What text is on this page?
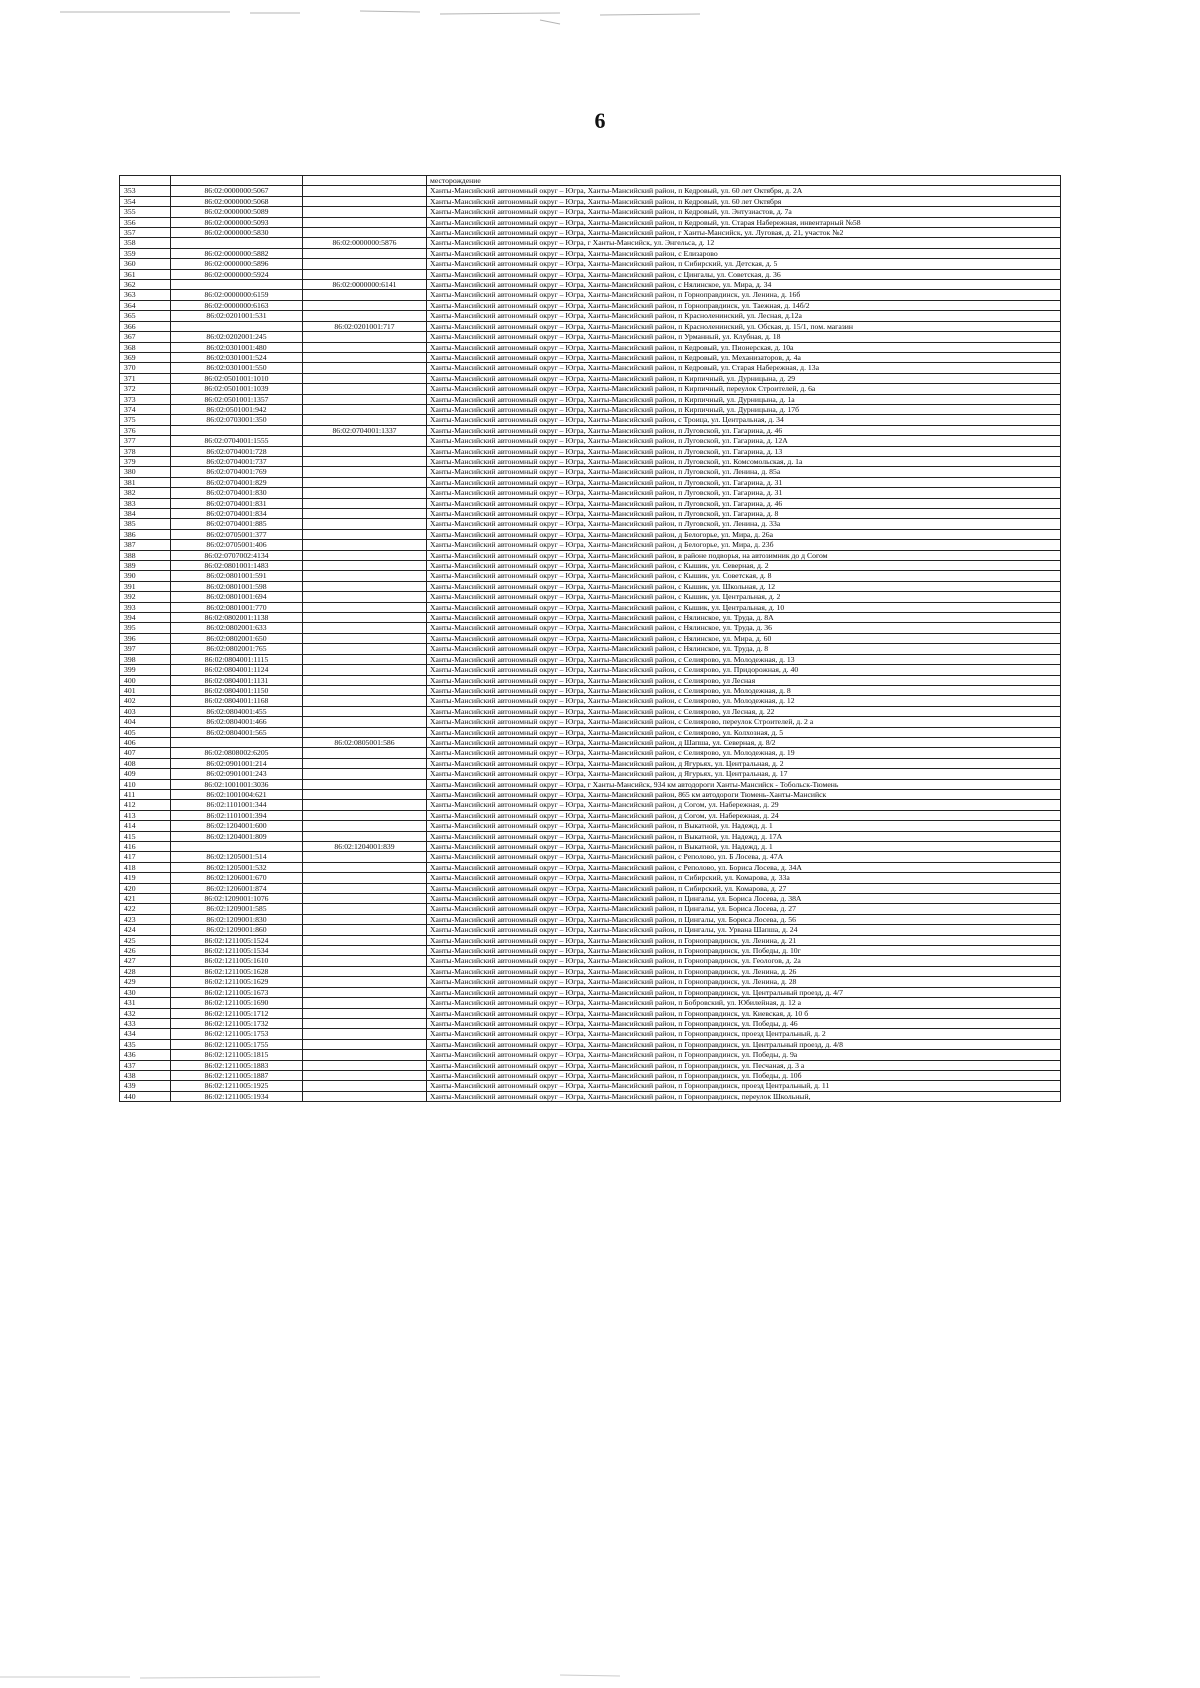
6
			месторождение
353	86:02:0000000:5067		Ханты-Мансийский автономный округ – Югра, Ханты-Мансийский район, п Кедровый, ул. 60 лет Октября, д. 2А
354	86:02:0000000:5068		Ханты-Мансийский автономный округ – Югра, Ханты-Мансийский район, п Кедровый, ул. 60 лет Октября
355	86:02:0000000:5089		Ханты-Мансийский автономный округ – Югра, Ханты-Мансийский район, п Кедровый, ул. Энтузиастов, д. 7а
356	86:02:0000000:5093		Ханты-Мансийский автономный округ – Югра, Ханты-Мансийский район, п Кедровый, ул. Старая Набережная, инвентарный №58
357	86:02:0000000:5830		Ханты-Мансийский автономный округ – Югра, Ханты-Мансийский район, г Ханты-Мансийск, ул. Луговая, д. 21, участок №2
358		86:02:0000000:5876	Ханты-Мансийский автономный округ – Югра, г Ханты-Мансийск, ул. Энгельса, д. 12
359	86:02:0000000:5882		Ханты-Мансийский автономный округ – Югра, Ханты-Мансийский район, с Елизарово
360	86:02:0000000:5896		Ханты-Мансийский автономный округ – Югра, Ханты-Мансийский район, п Сибирский, ул. Детская, д. 5
361	86:02:0000000:5924		Ханты-Мансийский автономный округ – Югра, Ханты-Мансийский район, с Цингалы, ул. Советская, д. 36
362		86:02:0000000:6141	Ханты-Мансийский автономный округ – Югра, Ханты-Мансийский район, с Нялинское, ул. Мира, д. 34
363	86:02:0000000:6159		Ханты-Мансийский автономный округ – Югра, Ханты-Мансийский район, п Горноправдинск, ул. Ленина, д. 16б
364	86:02:0000000:6163		Ханты-Мансийский автономный округ – Югра, Ханты-Мансийский район, п Горноправдинск, ул. Таежная, д. 14б/2
365	86:02:0201001:531		Ханты-Мансийский автономный округ – Югра, Ханты-Мансийский район, п Красноленинский, ул. Лесная, д.12а
366		86:02:0201001:717	Ханты-Мансийский автономный округ – Югра, Ханты-Мансийский район, п Красноленинский, ул. Обская, д. 15/1, пом. магазин
367	86:02:0202001:245		Ханты-Мансийский автономный округ – Югра, Ханты-Мансийский район, п Урманный, ул. Клубная, д. 18
368	86:02:0301001:480		Ханты-Мансийский автономный округ – Югра, Ханты-Мансийский район, п Кедровый, ул. Пионерская, д. 10а
369	86:02:0301001:524		Ханты-Мансийский автономный округ – Югра, Ханты-Мансийский район, п Кедровый, ул. Механизаторов, д. 4а
370	86:02:0301001:550		Ханты-Мансийский автономный округ – Югра, Ханты-Мансийский район, п Кедровый, ул. Старая Набережная, д. 13а
371	86:02:0501001:1010		Ханты-Мансийский автономный округ – Югра, Ханты-Мансийский район, п Кирпичный, ул. Дурницына, д. 29
372	86:02:0501001:1039		Ханты-Мансийский автономный округ – Югра, Ханты-Мансийский район, п Кирпичный, переулок Строителей, д. 6а
373	86:02:0501001:1357		Ханты-Мансийский автономный округ – Югра, Ханты-Мансийский район, п Кирпичный, ул. Дурницына, д. 1а
374	86:02:0501001:942		Ханты-Мансийский автономный округ – Югра, Ханты-Мансийский район, п Кирпичный, ул. Дурницына, д. 17б
375	86:02:0703001:350		Ханты-Мансийский автономный округ – Югра, Ханты-Мансийский район, с Троица, ул. Центральная, д. 34
376		86:02:0704001:1337	Ханты-Мансийский автономный округ – Югра, Ханты-Мансийский район, п Луговской, ул. Гагарина, д. 46
377	86:02:0704001:1555		Ханты-Мансийский автономный округ – Югра, Ханты-Мансийский район, п Луговской, ул. Гагарина, д. 12А
378	86:02:0704001:728		Ханты-Мансийский автономный округ – Югра, Ханты-Мансийский район, п Луговской, ул. Гагарина, д. 13
379	86:02:0704001:737		Ханты-Мансийский автономный округ – Югра, Ханты-Мансийский район, п Луговской, ул. Комсомольская, д. 1а
380	86:02:0704001:769		Ханты-Мансийский автономный округ – Югра, Ханты-Мансийский район, п Луговской, ул. Ленина, д. 85а
381	86:02:0704001:829		Ханты-Мансийский автономный округ – Югра, Ханты-Мансийский район, п Луговской, ул. Гагарина, д. 31
382	86:02:0704001:830		Ханты-Мансийский автономный округ – Югра, Ханты-Мансийский район, п Луговской, ул. Гагарина, д. 31
383	86:02:0704001:831		Ханты-Мансийский автономный округ – Югра, Ханты-Мансийский район, п Луговской, ул. Гагарина, д. 46
384	86:02:0704001:834		Ханты-Мансийский автономный округ – Югра, Ханты-Мансийский район, п Луговской, ул. Гагарина, д. 8
385	86:02:0704001:885		Ханты-Мансийский автономный округ – Югра, Ханты-Мансийский район, п Луговской, ул. Ленина, д. 33а
386	86:02:0705001:377		Ханты-Мансийский автономный округ – Югра, Ханты-Мансийский район, д Белогорье, ул. Мира, д. 26а
387	86:02:0705001:406		Ханты-Мансийский автономный округ – Югра, Ханты-Мансийский район, д Белогорье, ул. Мира, д. 23б
388	86:02:0707002:4134		Ханты-Мансийский автономный округ – Югра, Ханты-Мансийский район, в районе подворья, на автозимник до д Согом
389	86:02:0801001:1483		Ханты-Мансийский автономный округ – Югра, Ханты-Мансийский район, с Кышик, ул. Северная, д. 2
390	86:02:0801001:591		Ханты-Мансийский автономный округ – Югра, Ханты-Мансийский район, с Кышик, ул. Советская, д. 8
391	86:02:0801001:598		Ханты-Мансийский автономный округ – Югра, Ханты-Мансийский район, с Кышик, ул. Школьная, д. 12
392	86:02:0801001:694		Ханты-Мансийский автономный округ – Югра, Ханты-Мансийский район, с Кышик, ул. Центральная, д. 2
393	86:02:0801001:770		Ханты-Мансийский автономный округ – Югра, Ханты-Мансийский район, с Кышик, ул. Центральная, д. 10
394	86:02:0802001:1138		Ханты-Мансийский автономный округ – Югра, Ханты-Мансийский район, с Нялинское, ул. Труда, д. 8А
395	86:02:0802001:633		Ханты-Мансийский автономный округ – Югра, Ханты-Мансийский район, с Нялинское, ул. Труда, д. 36
396	86:02:0802001:650		Ханты-Мансийский автономный округ – Югра, Ханты-Мансийский район, с Нялинское, ул. Мира, д. 60
397	86:02:0802001:765		Ханты-Мансийский автономный округ – Югра, Ханты-Мансийский район, с Нялинское, ул. Труда, д. 8
398	86:02:0804001:1115		Ханты-Мансийский автономный округ – Югра, Ханты-Мансийский район, с Селиярово, ул. Молодежная, д. 13
399	86:02:0804001:1124		Ханты-Мансийский автономный округ – Югра, Ханты-Мансийский район, с Селиярово, ул. Придорожная, д. 40
400	86:02:0804001:1131		Ханты-Мансийский автономный округ – Югра, Ханты-Мансийский район, с Селиярово, ул Лесная
401	86:02:0804001:1150		Ханты-Мансийский автономный округ – Югра, Ханты-Мансийский район, с Селиярово, ул. Молодежная, д. 8
402	86:02:0804001:1168		Ханты-Мансийский автономный округ – Югра, Ханты-Мансийский район, с Селиярово, ул. Молодежная, д. 12
403	86:02:0804001:455		Ханты-Мансийский автономный округ – Югра, Ханты-Мансийский район, с Селиярово, ул Лесная, д. 22
404	86:02:0804001:466		Ханты-Мансийский автономный округ – Югра, Ханты-Мансийский район, с Селиярово, переулок Строителей, д. 2 а
405	86:02:0804001:565		Ханты-Мансийский автономный округ – Югра, Ханты-Мансийский район, с Селиярово, ул. Колхозная, д. 5
406		86:02:0805001:586	Ханты-Мансийский автономный округ – Югра, Ханты-Мансийский район, д Шапша, ул. Северная, д. 8/2
407	86:02:0808002:6205		Ханты-Мансийский автономный округ – Югра, Ханты-Мансийский район, с Селиярово, ул. Молодежная, д. 19
408	86:02:0901001:214		Ханты-Мансийский автономный округ – Югра, Ханты-Мансийский район, д Ягурьях, ул. Центральная, д. 2
409	86:02:0901001:243		Ханты-Мансийский автономный округ – Югра, Ханты-Мансийский район, д Ягурьях, ул. Центральная, д. 17
410	86:02:1001001:3036		Ханты-Мансийский автономный округ – Югра, г Ханты-Мансийск, 934 км автодороги Ханты-Мансийск - Тобольск-Тюмень
411	86:02:1001004:621		Ханты-Мансийский автономный округ – Югра, Ханты-Мансийский район, 865 км автодороги Тюмень-Ханты-Мансийск
412	86:02:1101001:344		Ханты-Мансийский автономный округ – Югра, Ханты-Мансийский район, д Согом, ул. Набережная, д. 29
413	86:02:1101001:394		Ханты-Мансийский автономный округ – Югра, Ханты-Мансийский район, д Согом, ул. Набережная, д. 24
414	86:02:1204001:600		Ханты-Мансийский автономный округ – Югра, Ханты-Мансийский район, п Выкатной, ул. Надежд, д. 1
415	86:02:1204001:809		Ханты-Мансийский автономный округ – Югра, Ханты-Мансийский район, п Выкатной, ул. Надежд, д. 17А
416		86:02:1204001:839	Ханты-Мансийский автономный округ – Югра, Ханты-Мансийский район, п Выкатной, ул. Надежд, д. 1
417	86:02:1205001:514		Ханты-Мансийский автономный округ – Югра, Ханты-Мансийский район, с Реполово, ул. Б Лосева, д. 47А
418	86:02:1205001:532		Ханты-Мансийский автономный округ – Югра, Ханты-Мансийский район, с Реполово, ул. Бориса Лосева, д. 34А
419	86:02:1206001:670		Ханты-Мансийский автономный округ – Югра, Ханты-Мансийский район, п Сибирский, ул. Комарова, д. 33а
420	86:02:1206001:874		Ханты-Мансийский автономный округ – Югра, Ханты-Мансийский район, п Сибирский, ул. Комарова, д. 27
421	86:02:1209001:1076		Ханты-Мансийский автономный округ – Югра, Ханты-Мансийский район, п Цингалы, ул. Бориса Лосева, д. 38А
422	86:02:1209001:585		Ханты-Мансийский автономный округ – Югра, Ханты-Мансийский район, п Цингалы, ул. Бориса Лосева, д. 27
423	86:02:1209001:830		Ханты-Мансийский автономный округ – Югра, Ханты-Мансийский район, п Цингалы, ул. Бориса Лосева, д. 56
424	86:02:1209001:860		Ханты-Мансийский автономный округ – Югра, Ханты-Мансийский район, п Цингалы, ул. Урвана Шапша, д. 24
425	86:02:1211005:1524		Ханты-Мансийский автономный округ – Югра, Ханты-Мансийский район, п Горноправдинск, ул. Ленина, д. 21
426	86:02:1211005:1534		Ханты-Мансийский автономный округ – Югра, Ханты-Мансийский район, п Горноправдинск, ул. Победы, д. 10г
427	86:02:1211005:1610		Ханты-Мансийский автономный округ – Югра, Ханты-Мансийский район, п Горноправдинск, ул. Геологов, д. 2а
428	86:02:1211005:1628		Ханты-Мансийский автономный округ – Югра, Ханты-Мансийский район, п Горноправдинск, ул. Ленина, д. 26
429	86:02:1211005:1629		Ханты-Мансийский автономный округ – Югра, Ханты-Мансийский район, п Горноправдинск, ул. Ленина, д. 28
430	86:02:1211005:1673		Ханты-Мансийский автономный округ – Югра, Ханты-Мансийский район, п Горноправдинск, ул. Центральный проезд, д. 4/7
431	86:02:1211005:1690		Ханты-Мансийский автономный округ – Югра, Ханты-Мансийский район, п Бобровский, ул. Юбилейная, д. 12 а
432	86:02:1211005:1712		Ханты-Мансийский автономный округ – Югра, Ханты-Мансийский район, п Горноправдинск, ул. Киевская, д. 10 б
433	86:02:1211005:1732		Ханты-Мансийский автономный округ – Югра, Ханты-Мансийский район, п Горноправдинск, ул. Победы, д. 46
434	86:02:1211005:1753		Ханты-Мансийский автономный округ – Югра, Ханты-Мансийский район, п Горноправдинск, проезд Центральный, д. 2
435	86:02:1211005:1755		Ханты-Мансийский автономный округ – Югра, Ханты-Мансийский район, п Горноправдинск, ул. Центральный проезд, д. 4/8
436	86:02:1211005:1815		Ханты-Мансийский автономный округ – Югра, Ханты-Мансийский район, п Горноправдинск, ул. Победы, д. 9а
437	86:02:1211005:1883		Ханты-Мансийский автономный округ – Югра, Ханты-Мансийский район, п Горноправдинск, ул. Песчаная, д. 3 а
438	86:02:1211005:1887		Ханты-Мансийский автономный округ – Югра, Ханты-Мансийский район, п Горноправдинск, ул. Победы, д. 10б
439	86:02:1211005:1925		Ханты-Мансийский автономный округ – Югра, Ханты-Мансийский район, п Горноправдинск, проезд Центральный, д. 11
440	86:02:1211005:1934		Ханты-Мансийский автономный округ – Югра, Ханты-Мансийский район, п Горноправдинск, переулок Школьный,
